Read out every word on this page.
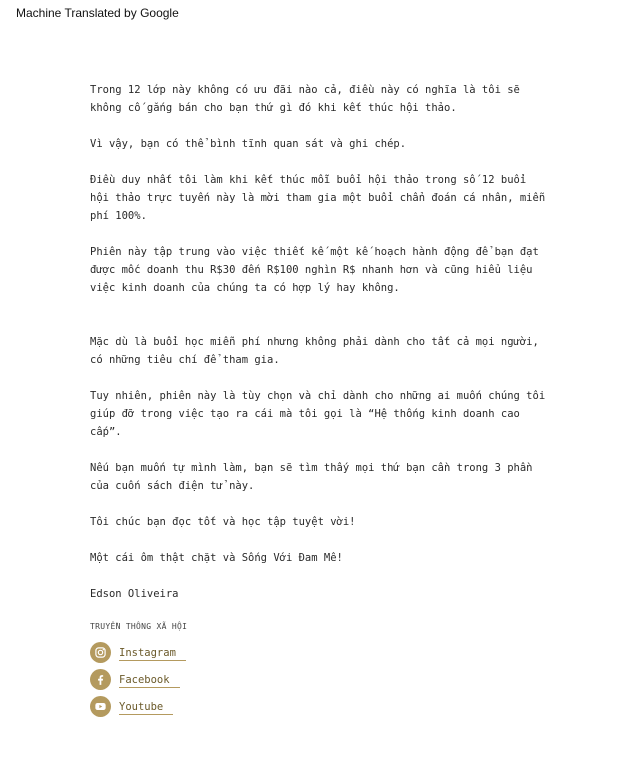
Machine Translated by Google

Trong 12 lớp này không có ưu đãi nào cả, điều này có nghĩa là tôi sẽ không cố gắng bán cho bạn thứ gì đó khi kết thúc hội thảo.

Vì vậy, bạn có thể bình tĩnh quan sát và ghi chép.

Điều duy nhất tôi làm khi kết thúc mỗi buổi hội thảo trong số 12 buổi hội thảo trực tuyến này là mời tham gia một buổi chẩn đoán cá nhân, miễn phí 100%.

Phiên này tập trung vào việc thiết kế một kế hoạch hành động để bạn đạt được mốc doanh thu R$30 đến R$100 nghìn R$ nhanh hơn và cũng hiểu liệu việc kinh doanh của chúng ta có hợp lý hay không.

Mặc dù là buổi học miễn phí nhưng không phải dành cho tất cả mọi người, có những tiêu chí để tham gia.

Tuy nhiên, phiên này là tùy chọn và chỉ dành cho những ai muốn chúng tôi giúp đỡ trong việc tạo ra cái mà tôi gọi là “Hệ thống kinh doanh cao cấp”.

Nếu bạn muốn tự mình làm, bạn sẽ tìm thấy mọi thứ bạn cần trong 3 phần của cuốn sách điện tử này.

Tôi chúc bạn đọc tốt và học tập tuyệt vời!

Một cái ôm thật chặt và Sống Với Đam Mê!

Edson Oliveira
TRUYỀN THÔNG XÃ HỘI
Instagram
Facebook
Youtube
